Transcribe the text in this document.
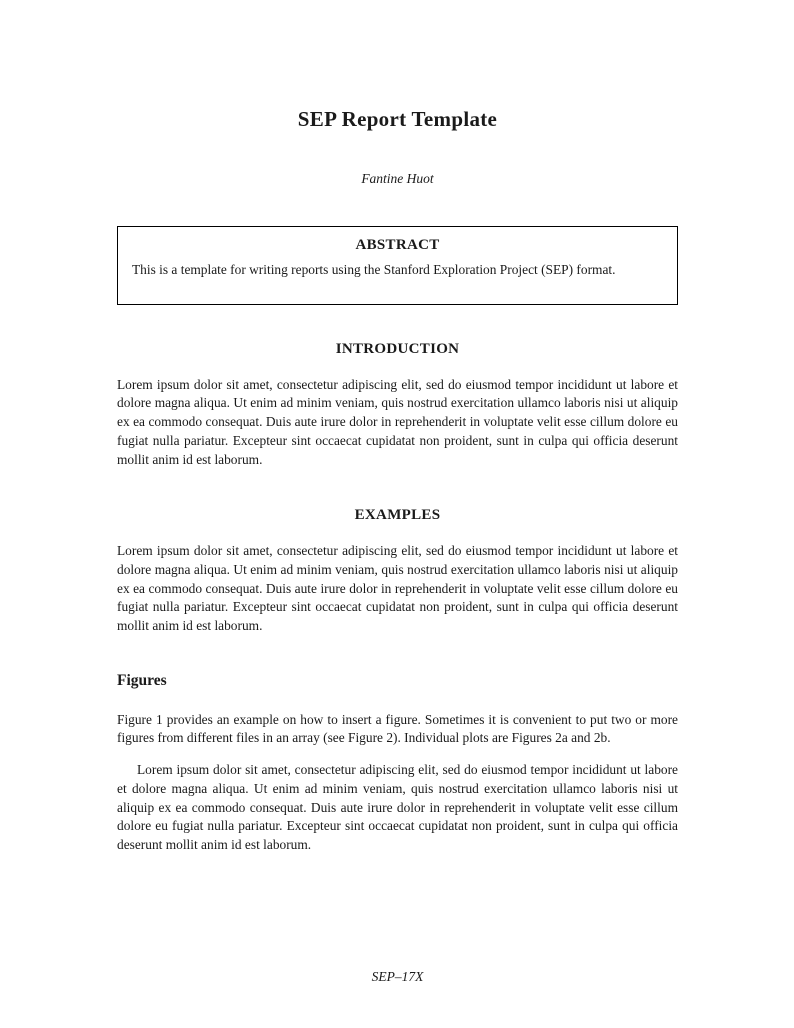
SEP Report Template
Fantine Huot
ABSTRACT

This is a template for writing reports using the Stanford Exploration Project (SEP) format.

INTRODUCTION

Lorem ipsum dolor sit amet, consectetur adipiscing elit, sed do eiusmod tempor incididunt ut labore et dolore magna aliqua. Ut enim ad minim veniam, quis nostrud exercitation ullamco laboris nisi ut aliquip ex ea commodo consequat. Duis aute irure dolor in reprehenderit in voluptate velit esse cillum dolore eu fugiat nulla pariatur. Excepteur sint occaecat cupidatat non proident, sunt in culpa qui officia deserunt mollit anim id est laborum.

EXAMPLES

Lorem ipsum dolor sit amet, consectetur adipiscing elit, sed do eiusmod tempor incididunt ut labore et dolore magna aliqua. Ut enim ad minim veniam, quis nostrud exercitation ullamco laboris nisi ut aliquip ex ea commodo consequat. Duis aute irure dolor in reprehenderit in voluptate velit esse cillum dolore eu fugiat nulla pariatur. Excepteur sint occaecat cupidatat non proident, sunt in culpa qui officia deserunt mollit anim id est laborum.

Figures

Figure 1 provides an example on how to insert a figure. Sometimes it is convenient to put two or more figures from different files in an array (see Figure 2). Individual plots are Figures 2a and 2b.

Lorem ipsum dolor sit amet, consectetur adipiscing elit, sed do eiusmod tempor incididunt ut labore et dolore magna aliqua. Ut enim ad minim veniam, quis nostrud exercitation ullamco laboris nisi ut aliquip ex ea commodo consequat. Duis aute irure dolor in reprehenderit in voluptate velit esse cillum dolore eu fugiat nulla pariatur. Excepteur sint occaecat cupidatat non proident, sunt in culpa qui officia deserunt mollit anim id est laborum.

SEP–17X
